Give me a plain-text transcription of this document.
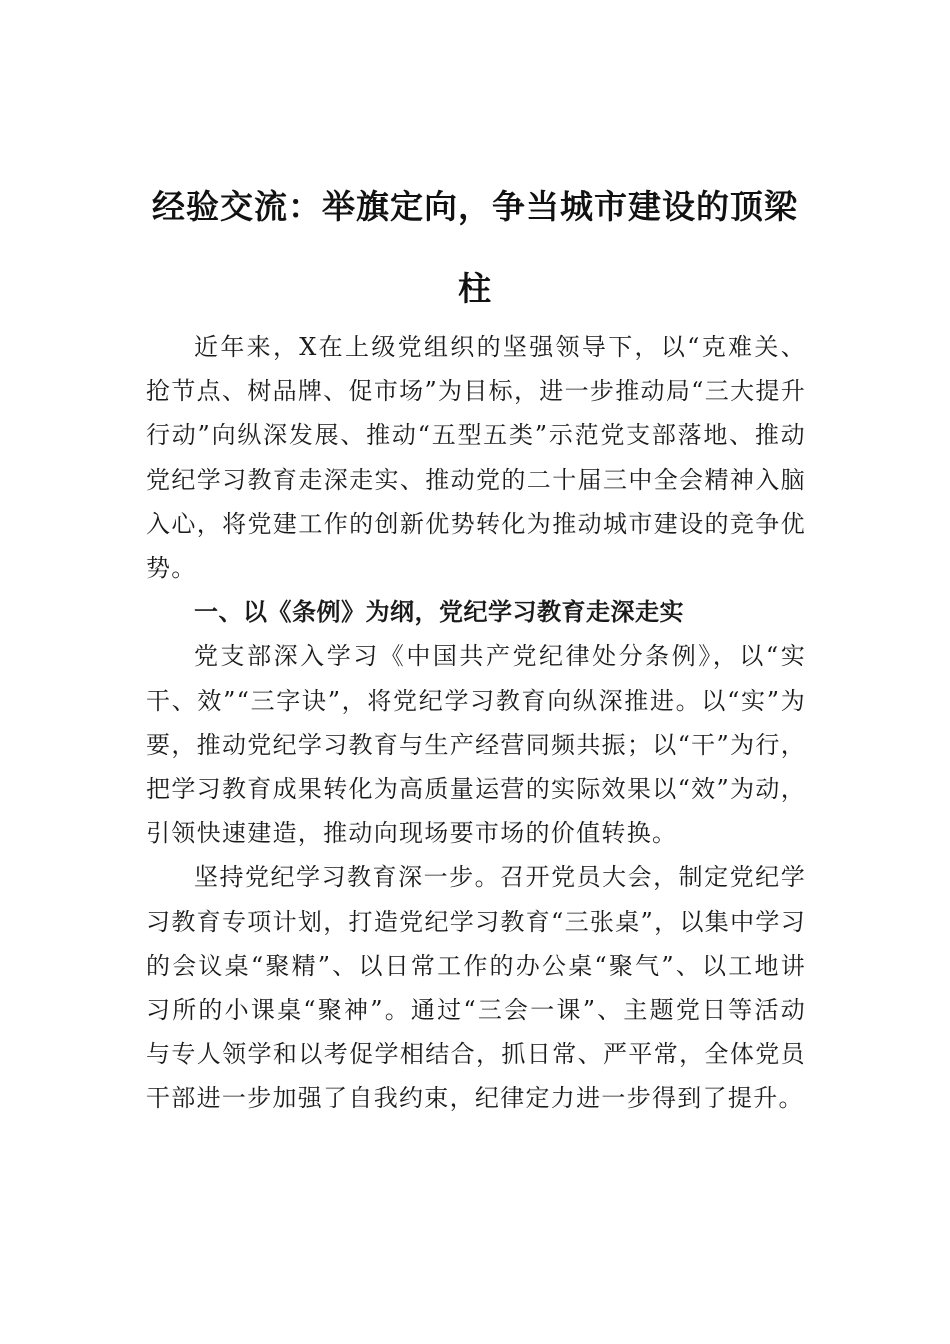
经验交流：举旗定向，争当城市建设的顶梁柱

近年来，X在上级党组织的坚强领导下，以“克难关、抢节点、树品牌、促市场”为目标，进一步推动局“三大提升行动”向纵深发展、推动“五型五类”示范党支部落地、推动党纪学习教育走深走实、推动党的二十届三中全会精神入脑入心，将党建工作的创新优势转化为推动城市建设的竞争优势。

一、以《条例》为纲，党纪学习教育走深走实

党支部深入学习《中国共产党纪律处分条例》，以“实干、效”“三字诀”，将党纪学习教育向纵深推进。以“实”为要，推动党纪学习教育与生产经营同频共振；以“干”为行，把学习教育成果转化为高质量运营的实际效果以“效”为动，引领快速建造，推动向现场要市场的价值转换。

坚持党纪学习教育深一步。召开党员大会，制定党纪学习教育专项计划，打造党纪学习教育“三张桌”，以集中学习的会议桌“聚精”、以日常工作的办公桌“聚气”、以工地讲习所的小课桌“聚神”。通过“三会一课”、主题党日等活动与专人领学和以考促学相结合，抓日常、严平常，全体党员干部进一步加强了自我约束，纪律定力进一步得到了提升。
